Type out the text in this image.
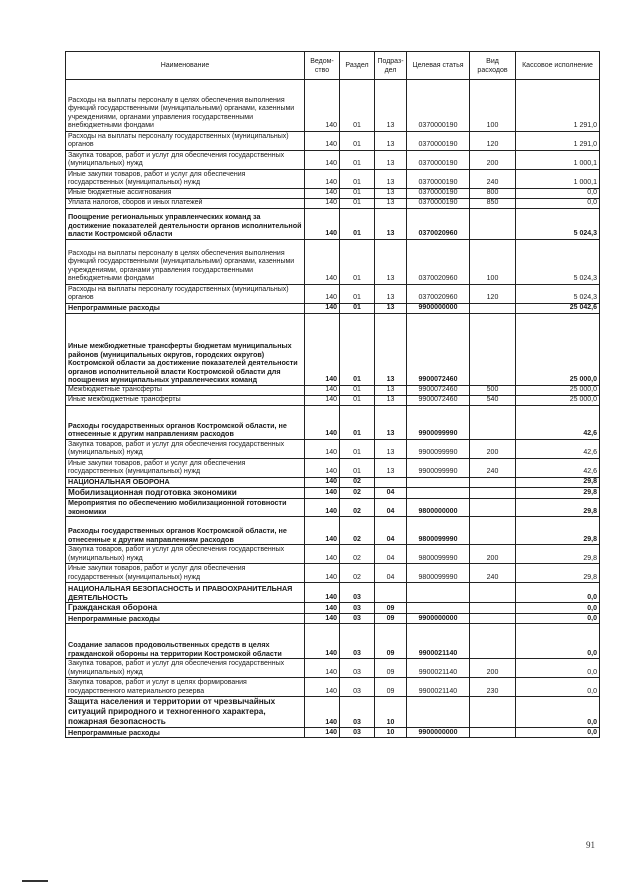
Наименование	Ведом-ство	Раздел	Подраз-дел	Целевая статья	Вид расходов	Кассовое исполнение
Расходы на выплаты персоналу в целях обеспечения выполнения функций государственными (муниципальными) органами, казенными учреждениями, органами управления государственными внебюджетными фондами	140	01	13	0370000190	100	1 291,0
Расходы на выплаты персоналу государственных (муниципальных) органов	140	01	13	0370000190	120	1 291,0
Закупка товаров, работ и услуг для обеспечения государственных (муниципальных) нужд	140	01	13	0370000190	200	1 000,1
Иные закупки товаров, работ и услуг для обеспечения государственных (муниципальных) нужд	140	01	13	0370000190	240	1 000,1
Иные бюджетные ассигнования	140	01	13	0370000190	800	0,0
Уплата налогов, сборов и иных платежей	140	01	13	0370000190	850	0,0
Поощрение региональных управленческих команд за достижение показателей деятельности органов исполнительной власти Костромской области	140	01	13	0370020960		5 024,3
Расходы на выплаты персоналу в целях обеспечения выполнения функций государственными (муниципальными) органами, казенными учреждениями, органами управления государственными внебюджетными фондами	140	01	13	0370020960	100	5 024,3
Расходы на выплаты персоналу государственных (муниципальных) органов	140	01	13	0370020960	120	5 024,3
Непрограммные расходы	140	01	13	9900000000		25 042,6
Иные межбюджетные трансферты бюджетам муниципальных районов (муниципальных округов, городских округов) Костромской области за достижение показателей деятельности органов исполнительной власти Костромской области для поощрения муниципальных управленческих команд	140	01	13	9900072460		25 000,0
Межбюджетные трансферты	140	01	13	9900072460	500	25 000,0
Иные межбюджетные трансферты	140	01	13	9900072460	540	25 000,0
Расходы государственных органов Костромской области, не отнесенные к другим направлениям расходов	140	01	13	9900099990		42,6
Закупка товаров, работ и услуг для обеспечения государственных (муниципальных) нужд	140	01	13	9900099990	200	42,6
Иные закупки товаров, работ и услуг для обеспечения государственных (муниципальных) нужд	140	01	13	9900099990	240	42,6
НАЦИОНАЛЬНАЯ ОБОРОНА	140	02				29,8
Мобилизационная подготовка экономики	140	02	04			29,8
Мероприятия по обеспечению мобилизационной готовности экономики	140	02	04	9800000000		29,8
Расходы государственных органов Костромской области, не отнесенные к другим направлениям расходов	140	02	04	9800099990		29,8
Закупка товаров, работ и услуг для обеспечения государственных (муниципальных) нужд	140	02	04	9800099990	200	29,8
Иные закупки товаров, работ и услуг для обеспечения государственных (муниципальных) нужд	140	02	04	9800099990	240	29,8
НАЦИОНАЛЬНАЯ БЕЗОПАСНОСТЬ И ПРАВООХРАНИТЕЛЬНАЯ ДЕЯТЕЛЬНОСТЬ	140	03				0,0
Гражданская оборона	140	03	09			0,0
Непрограммные расходы	140	03	09	9900000000		0,0
Создание запасов продовольственных средств в целях гражданской обороны на территории Костромской области	140	03	09	9900021140		0,0
Закупка товаров, работ и услуг для обеспечения государственных (муниципальных) нужд	140	03	09	9900021140	200	0,0
Закупка товаров, работ и услуг в целях формирования государственного материального резерва	140	03	09	9900021140	230	0,0
Защита населения и территории от чрезвычайных ситуаций природного и техногенного характера, пожарная безопасность	140	03	10			0,0
Непрограммные расходы	140	03	10	9900000000		0,0
91
